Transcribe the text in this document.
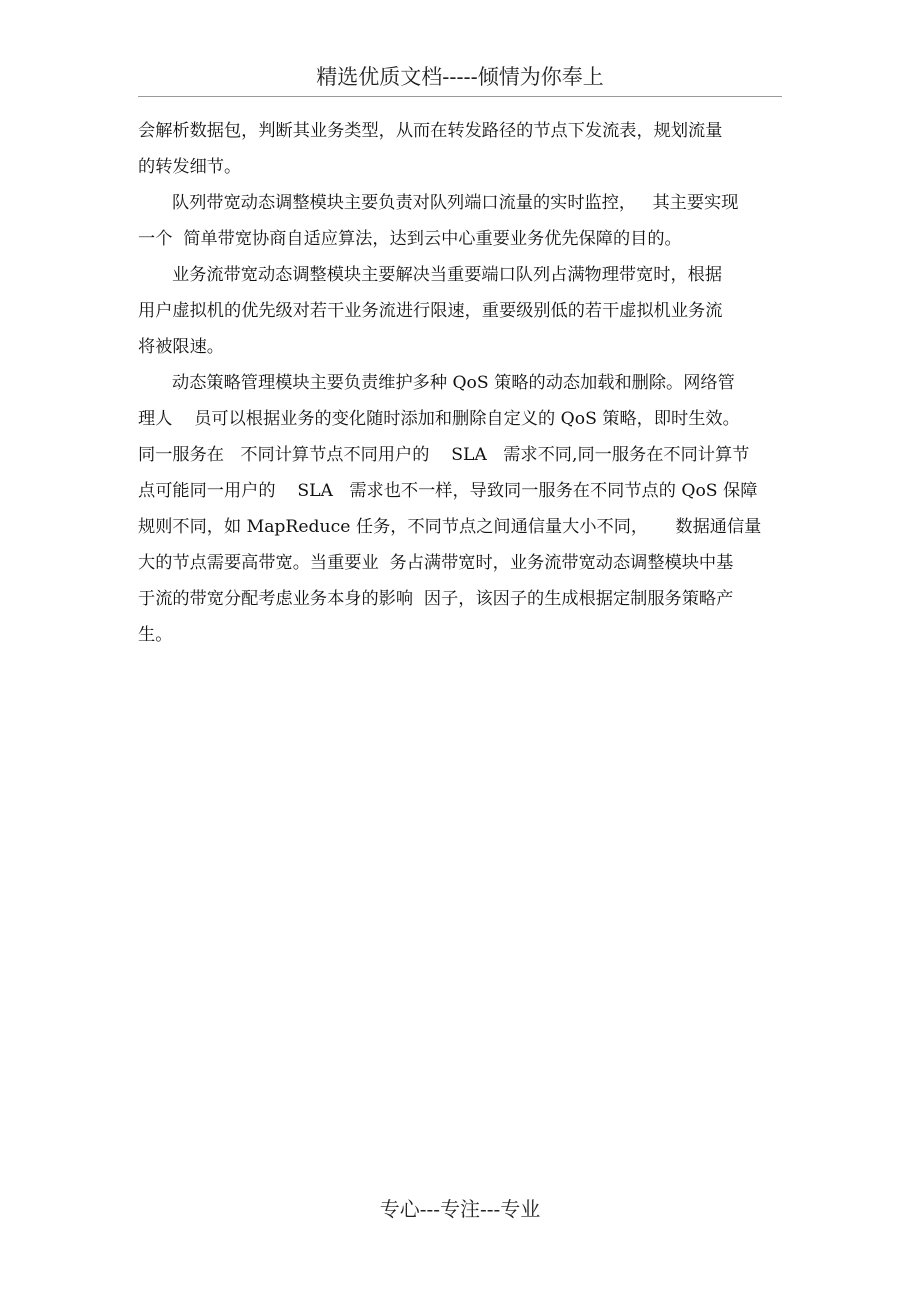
精选优质文档-----倾情为你奉上
会解析数据包，判断其业务类型，从而在转发路径的节点下发流表，规划流量
的转发细节。
队列带宽动态调整模块主要负责对队列端口流量的实时监控，   其主要实现
一个  简单带宽协商自适应算法，达到云中心重要业务优先保障的目的。
业务流带宽动态调整模块主要解决当重要端口队列占满物理带宽时，根据
用户虚拟机的优先级对若干业务流进行限速，重要级别低的若干虚拟机业务流
将被限速。
动态策略管理模块主要负责维护多种 QoS 策略的动态加载和删除。网络管
理人    员可以根据业务的变化随时添加和删除自定义的 QoS 策略，即时生效。
同一服务在   不同计算节点不同用户的    SLA   需求不同,同一服务在不同计算节
点可能同一用户的    SLA   需求也不一样，导致同一服务在不同节点的 QoS 保障
规则不同，如 MapReduce 任务，不同节点之间通信量大小不同，     数据通信量
大的节点需要高带宽。当重要业  务占满带宽时，业务流带宽动态调整模块中基
于流的带宽分配考虑业务本身的影响  因子，该因子的生成根据定制服务策略产
生。
专心---专注---专业
